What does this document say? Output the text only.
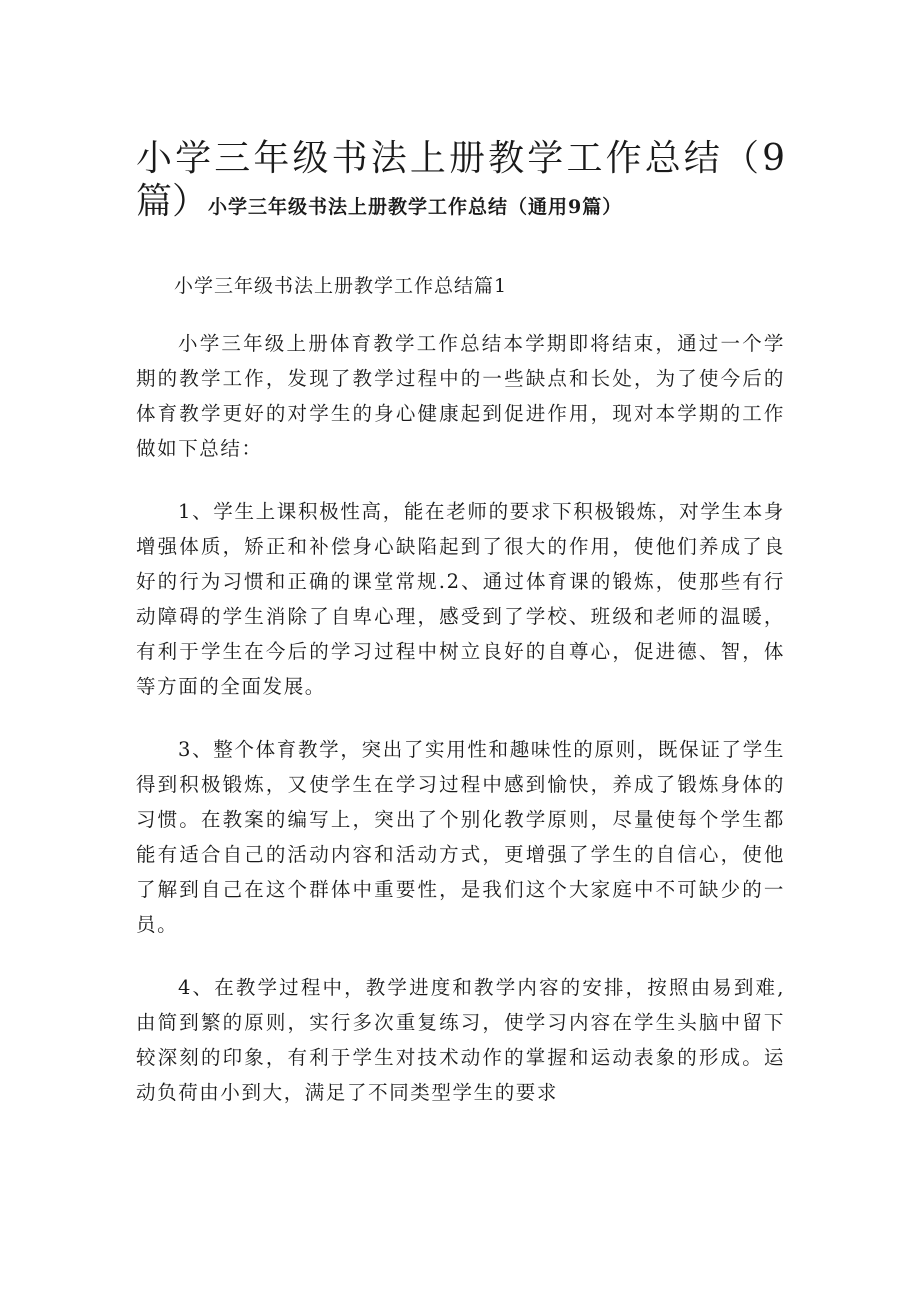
小学三年级书法上册教学工作总结（9篇）小学三年级书法上册教学工作总结（通用9篇）

小学三年级书法上册教学工作总结篇1

小学三年级上册体育教学工作总结本学期即将结束，通过一个学期的教学工作，发现了教学过程中的一些缺点和长处，为了使今后的体育教学更好的对学生的身心健康起到促进作用，现对本学期的工作做如下总结：

1、学生上课积极性高，能在老师的要求下积极锻炼，对学生本身增强体质，矫正和补偿身心缺陷起到了很大的作用，使他们养成了良好的行为习惯和正确的课堂常规.2、通过体育课的锻炼，使那些有行动障碍的学生消除了自卑心理，感受到了学校、班级和老师的温暖，有利于学生在今后的学习过程中树立良好的自尊心，促进德、智，体等方面的全面发展。

3、整个体育教学，突出了实用性和趣味性的原则，既保证了学生得到积极锻炼，又使学生在学习过程中感到愉快，养成了锻炼身体的习惯。在教案的编写上，突出了个别化教学原则，尽量使每个学生都能有适合自己的活动内容和活动方式，更增强了学生的自信心，使他了解到自己在这个群体中重要性，是我们这个大家庭中不可缺少的一员。

4、在教学过程中，教学进度和教学内容的安排，按照由易到难,由简到繁的原则，实行多次重复练习，使学习内容在学生头脑中留下较深刻的印象，有利于学生对技术动作的掌握和运动表象的形成。运动负荷由小到大，满足了不同类型学生的要求
